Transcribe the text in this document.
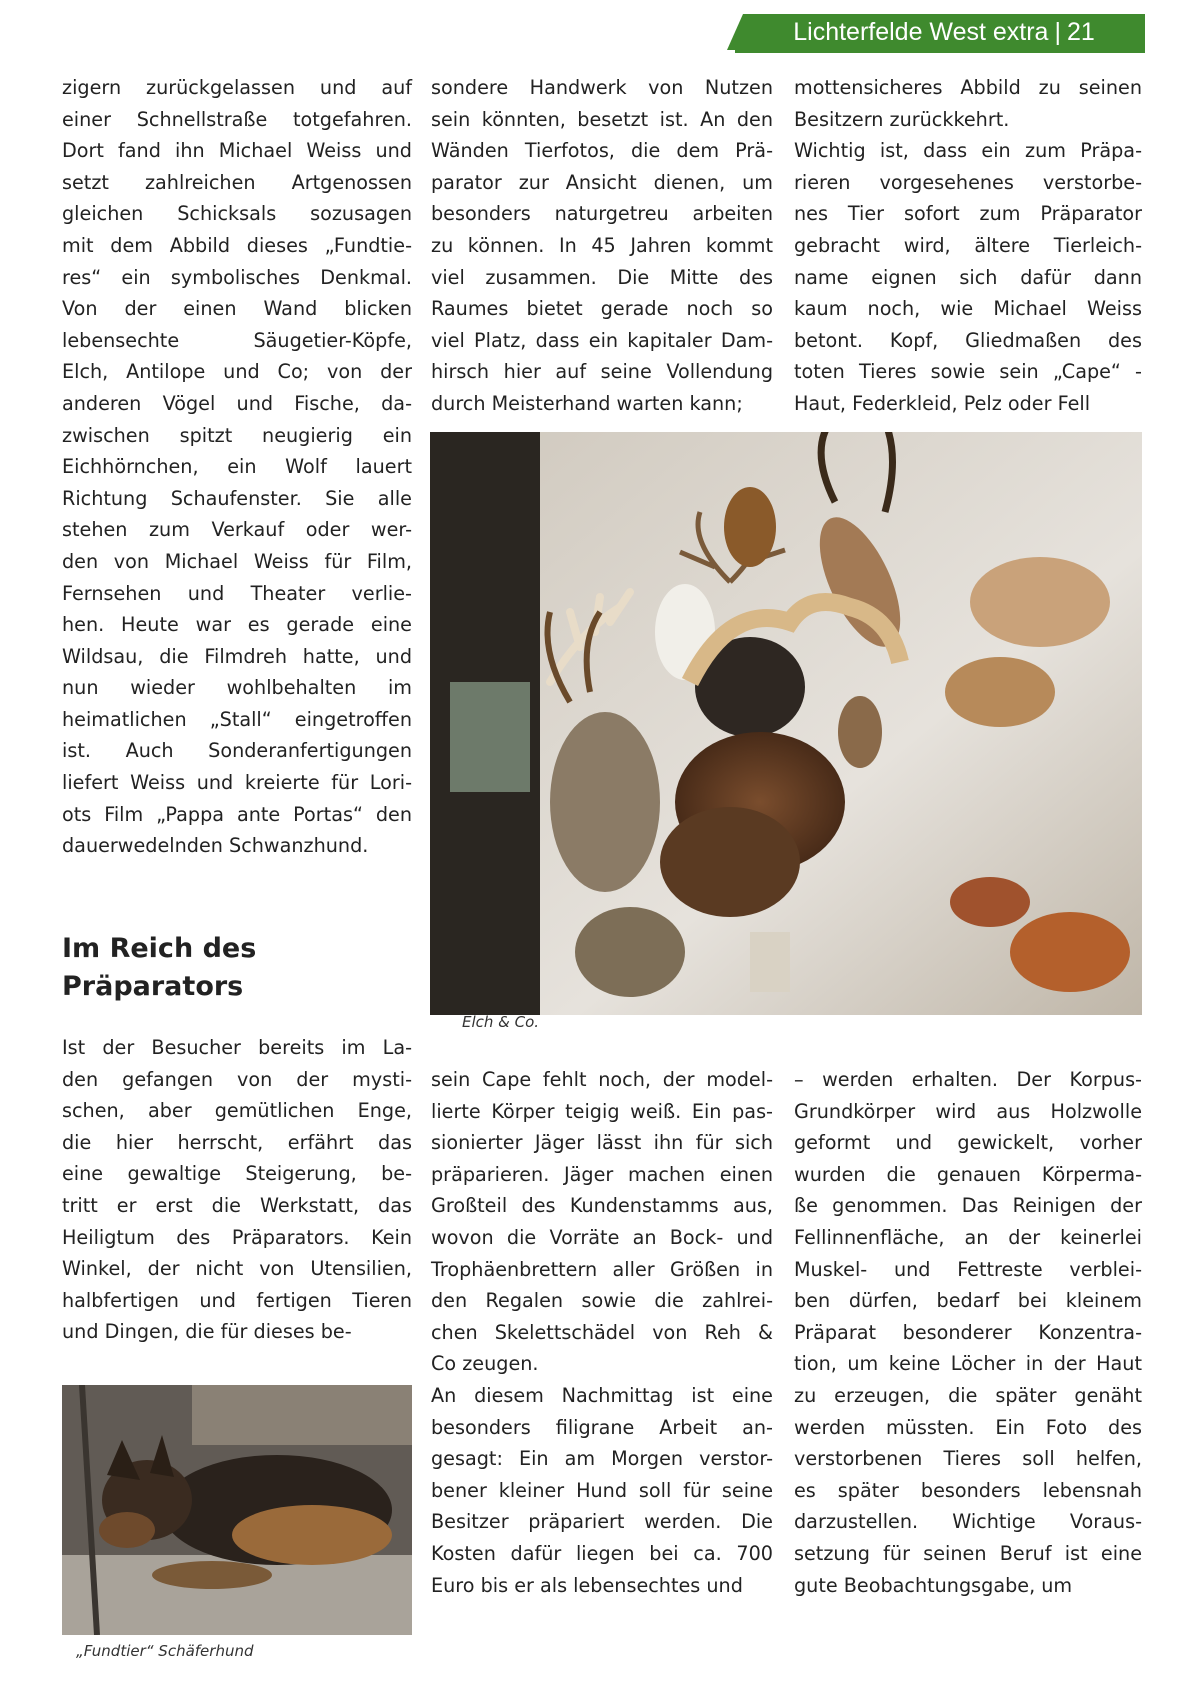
Lichterfelde West extra | 21

zigern zurückgelassen und auf

einer Schnellstraße totgefahren.

Dort fand ihn Michael Weiss und

setzt zahlreichen Artgenossen

gleichen Schicksals sozusagen

mit dem Abbild dieses „Fundtie-

res“ ein symbolisches Denkmal.

Von der einen Wand blicken

lebensechte Säugetier-Köpfe,

Elch, Antilope und Co; von der

anderen Vögel und Fische, da-

zwischen spitzt neugierig ein

Eichhörnchen, ein Wolf lauert

Richtung Schaufenster. Sie alle

stehen zum Verkauf oder wer-

den von Michael Weiss für Film,

Fernsehen und Theater verlie-

hen. Heute war es gerade eine

Wildsau, die Filmdreh hatte, und

nun wieder wohlbehalten im

heimatlichen „Stall“ eingetroffen

ist. Auch Sonderanfertigungen

liefert Weiss und kreierte für Lori-

ots Film „Pappa ante Portas“ den

dauerwedelnden Schwanzhund.

Im Reich des
Präparators

Ist der Besucher bereits im La-

den gefangen von der mysti-

schen, aber gemütlichen Enge,

die hier herrscht, erfährt das

eine gewaltige Steigerung, be-

tritt er erst die Werkstatt, das

Heiligtum des Präparators. Kein

Winkel, der nicht von Utensilien,

halbfertigen und fertigen Tieren

und Dingen, die für dieses be-

sondere Handwerk von Nutzen

sein könnten, besetzt ist. An den

Wänden Tierfotos, die dem Prä-

parator zur Ansicht dienen, um

besonders naturgetreu arbeiten

zu können. In 45 Jahren kommt

viel zusammen. Die Mitte des

Raumes bietet gerade noch so

viel Platz, dass ein kapitaler Dam-

hirsch hier auf seine Vollendung

durch Meisterhand warten kann;

mottensicheres Abbild zu seinen

Besitzern zurückkehrt.

Wichtig ist, dass ein zum Präpa-

rieren vorgesehenes verstorbe-

nes Tier sofort zum Präparator

gebracht wird, ältere Tierleich-

name eignen sich dafür dann

kaum noch, wie Michael Weiss

betont. Kopf, Gliedmaßen des

toten Tieres sowie sein „Cape“ -

Haut, Federkleid, Pelz oder Fell

Elch & Co.

sein Cape fehlt noch, der model-

lierte Körper teigig weiß. Ein pas-

sionierter Jäger lässt ihn für sich

präparieren. Jäger machen einen

Großteil des Kundenstamms aus,

wovon die Vorräte an Bock- und

Trophäenbrettern aller Größen in

den Regalen sowie die zahlrei-

chen Skelettschädel von Reh &

Co zeugen.

An diesem Nachmittag ist eine

besonders filigrane Arbeit an-

gesagt: Ein am Morgen verstor-

bener kleiner Hund soll für seine

Besitzer präpariert werden. Die

Kosten dafür liegen bei ca. 700

Euro bis er als lebensechtes und

– werden erhalten. Der Korpus-

Grundkörper wird aus Holzwolle

geformt und gewickelt, vorher

wurden die genauen Körperma-

ße genommen. Das Reinigen der

Fellinnenfläche, an der keinerlei

Muskel- und Fettreste verblei-

ben dürfen, bedarf bei kleinem

Präparat besonderer Konzentra-

tion, um keine Löcher in der Haut

zu erzeugen, die später genäht

werden müssten. Ein Foto des

verstorbenen Tieres soll helfen,

es später besonders lebensnah

darzustellen. Wichtige Voraus-

setzung für seinen Beruf ist eine

gute Beobachtungsgabe, um

„Fundtier“ Schäferhund
